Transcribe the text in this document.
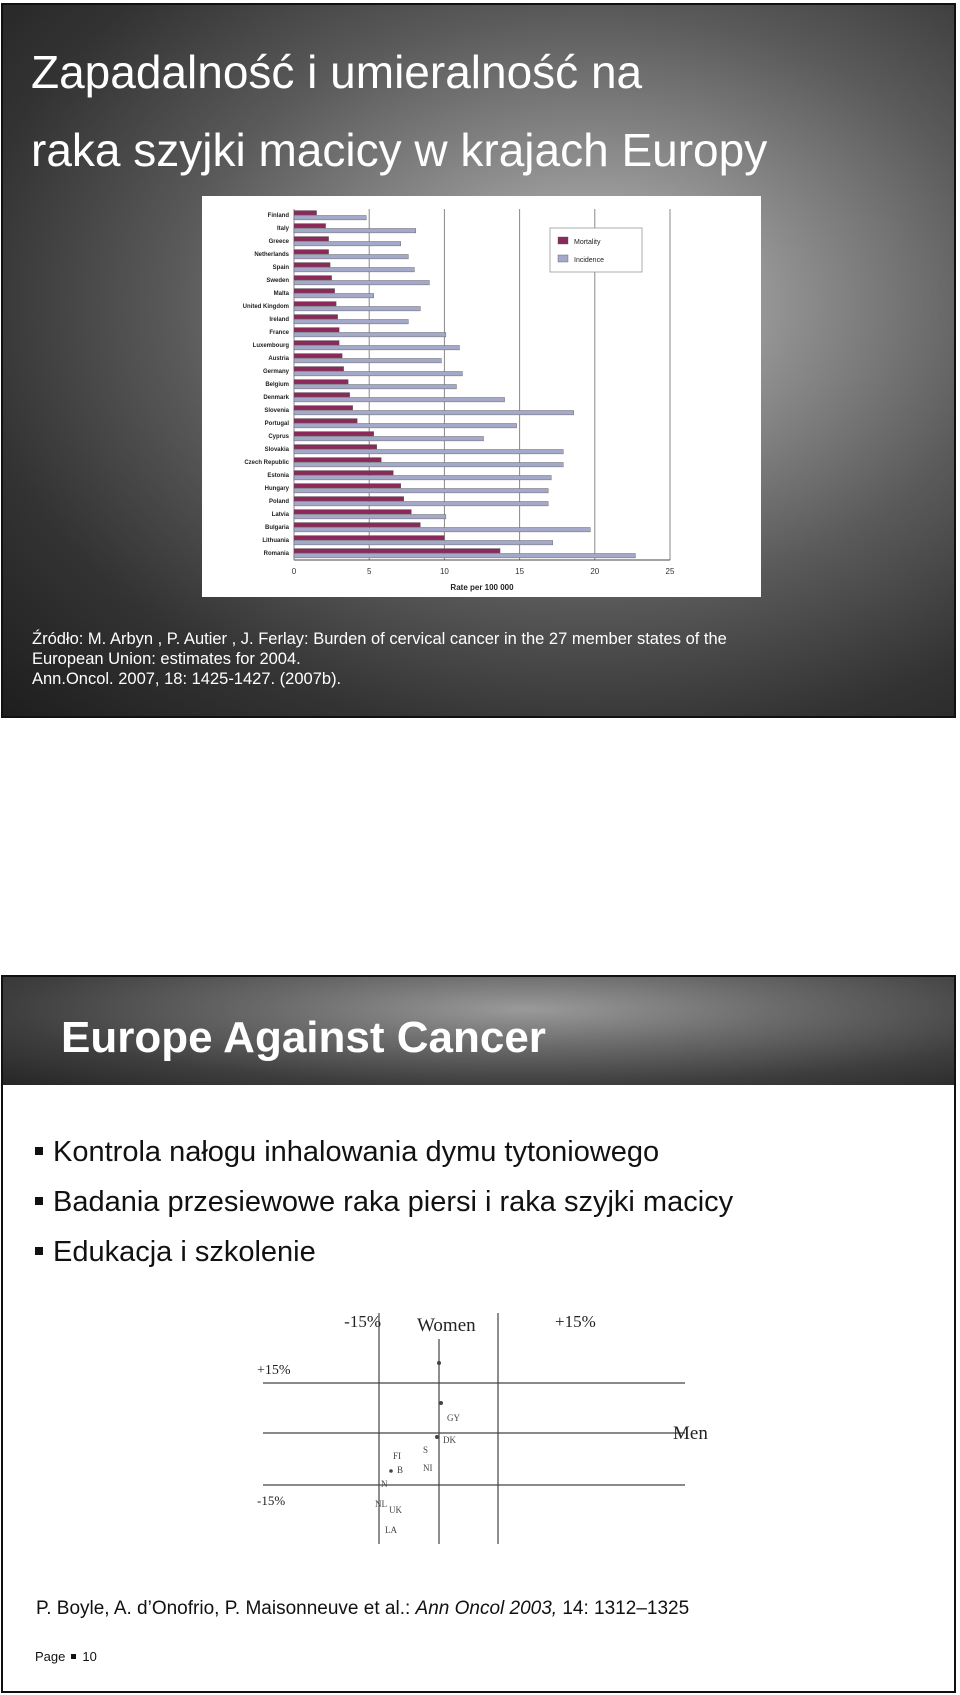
Zapadalność i umieralność na
raka szyjki macicy w krajach Europy
0	5	10	15	20	25
Finland
Italy
Greece
Netherlands
Spain
Sweden
Malta
United Kingdom
Ireland
France
Luxembourg
Austria
Germany
Belgium
Denmark
Slovenia
Portugal
Cyprus
Slovakia
Czech Republic
Estonia
Hungary
Poland
Latvia
Bulgaria
Lithuania
Romania
Rate per 100 000
Mortality
Incidence
Źródło: M. Arbyn , P. Autier , J. Ferlay: Burden of cervical cancer in the 27 member states of the
European Union: estimates for 2004.
Ann.Oncol. 2007, 18: 1425-1427. (2007b).
Europe Against Cancer
Kontrola nałogu inhalowania dymu tytoniowego
Badania przesiewowe raka piersi i raka szyjki macicy
Edukacja i szkolenie
-15% Women	+15%
+15%
-15%
Men
GY
DK
S
FI
NI
B
N
NL
UK
LA
P. Boyle, A. d’Onofrio, P. Maisonneuve et al.: Ann Oncol 2003, 14: 1312–1325
Page 10
